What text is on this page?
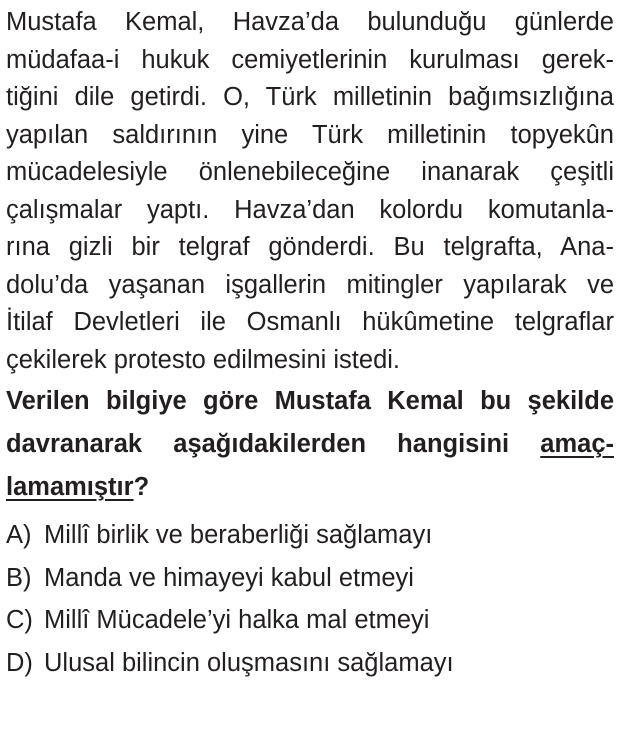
Mustafa Kemal, Havza’da bulunduğu günlerde
müdafaa-i hukuk cemiyetlerinin kurulması gerek-
tiğini dile getirdi. O, Türk milletinin bağımsızlığına
yapılan saldırının yine Türk milletinin topyekûn
mücadelesiyle önlenebileceğine inanarak çeşitli
çalışmalar yaptı. Havza’dan kolordu komutanla-
rına gizli bir telgraf gönderdi. Bu telgrafta, Ana-
dolu’da yaşanan işgallerin mitingler yapılarak ve
İtilaf Devletleri ile Osmanlı hükûmetine telgraflar
çekilerek protesto edilmesini istedi.
Verilen bilgiye göre Mustafa Kemal bu şekilde
davranarak aşağıdakilerden hangisini amaç-
lamamıştır?
A) Millî birlik ve beraberliği sağlamayı
B) Manda ve himayeyi kabul etmeyi
C) Millî Mücadele’yi halka mal etmeyi
D) Ulusal bilincin oluşmasını sağlamayı
